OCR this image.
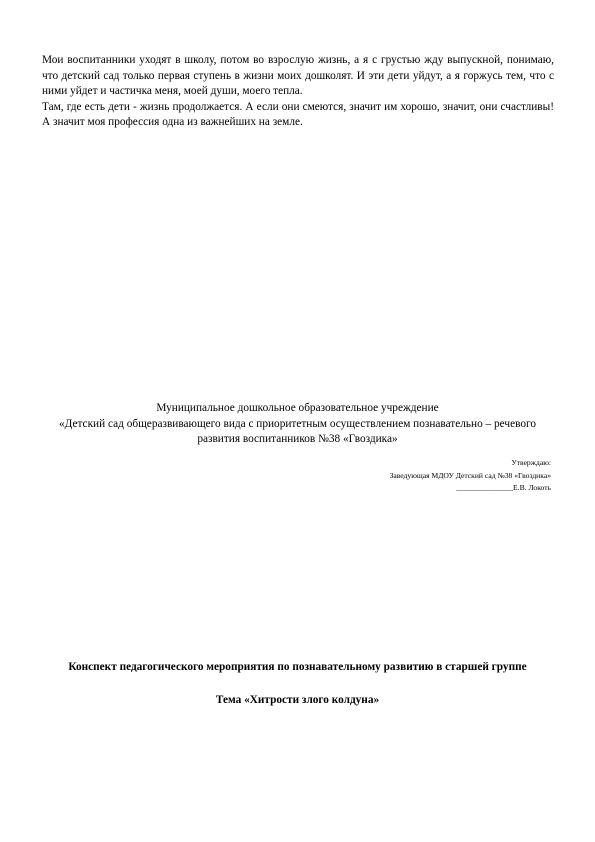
Мои воспитанники уходят в школу, потом во взрослую жизнь, а я с грустью жду выпускной, понимаю, что детский сад только первая ступень в жизни моих дошколят. И эти дети уйдут, а я горжусь тем, что с ними уйдет и частичка меня, моей души, моего тепла.

Там, где есть дети - жизнь продолжается. А если они смеются, значит им хорошо, значит, они счастливы! А значит моя профессия одна из важнейших на земле.

Муниципальное дошкольное образовательное учреждение
«Детский сад общеразвивающего вида с приоритетным осуществлением познавательно – речевого
развития воспитанников №38 «Гвоздика»
Утверждаю:
Заведующая МДОУ Детский сад №38 «Гвоздика»
_______________Е.В. Локоть
Конспект педагогического мероприятия по познавательному развитию в старшей группе
Тема «Хитрости злого колдуна»
